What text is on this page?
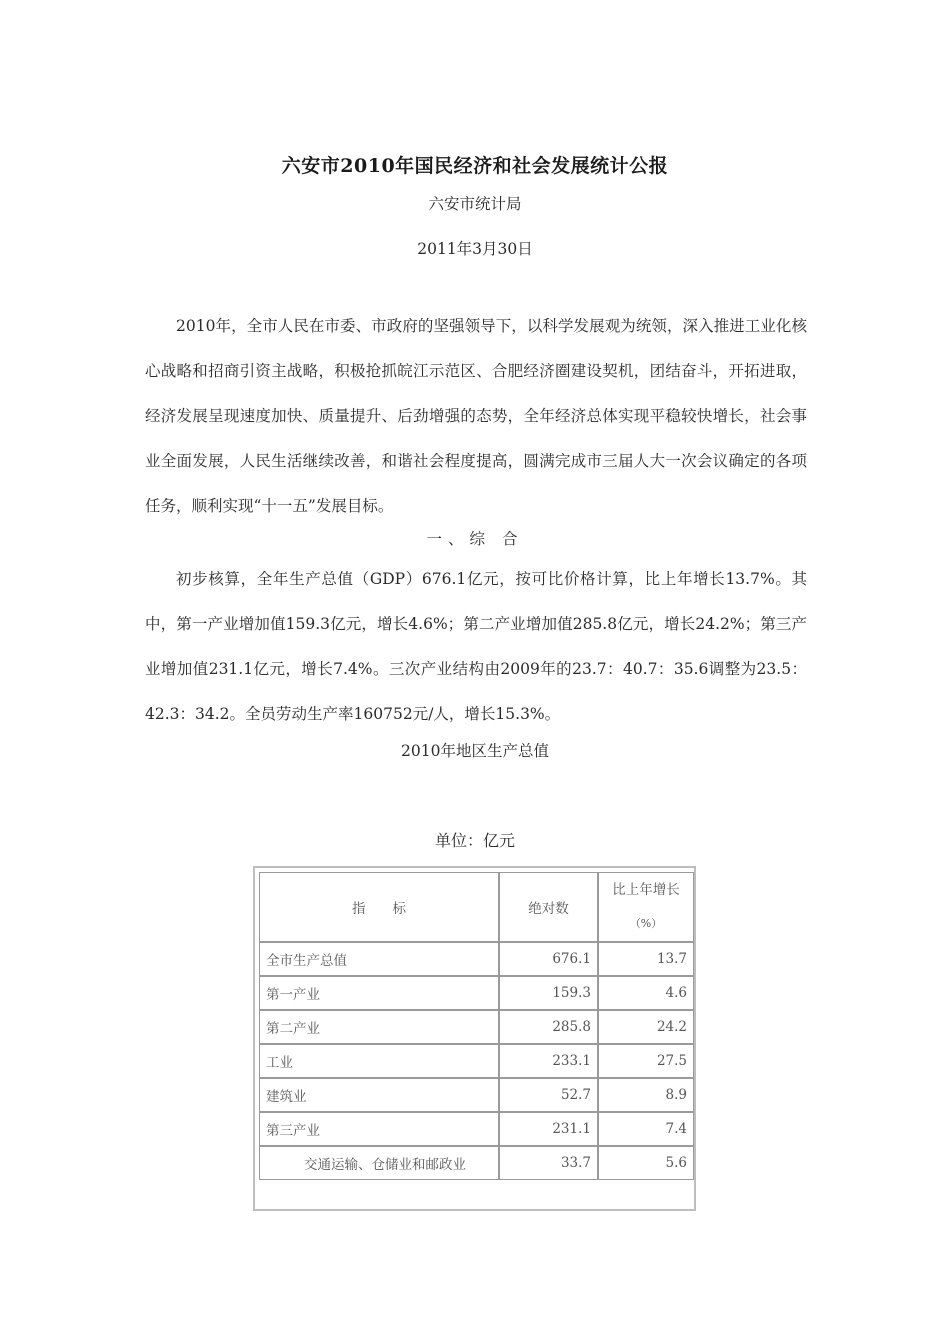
六安市2010年国民经济和社会发展统计公报
六安市统计局
2011年3月30日
2010年，全市人民在市委、市政府的坚强领导下，以科学发展观为统领，深入推进工业化核心战略和招商引资主战略，积极抢抓皖江示范区、合肥经济圈建设契机，团结奋斗，开拓进取，经济发展呈现速度加快、质量提升、后劲增强的态势，全年经济总体实现平稳较快增长，社会事业全面发展，人民生活继续改善，和谐社会程度提高，圆满完成市三届人大一次会议确定的各项任务，顺利实现“十一五”发展目标。
一、综 合
初步核算，全年生产总值（GDP）676.1亿元，按可比价格计算，比上年增长13.7%。其中，第一产业增加值159.3亿元，增长4.6%；第二产业增加值285.8亿元，增长24.2%；第三产业增加值231.1亿元，增长7.4%。三次产业结构由2009年的23.7：40.7：35.6调整为23.5：42.3：34.2。全员劳动生产率160752元/人，增长15.3%。
2010年地区生产总值
单位：亿元
指　　标	绝对数	比上年增长
（%）

全市生产总值	676.1	13.7
第一产业	159.3	4.6
第二产业	285.8	24.2
工业	233.1	27.5
建筑业	52.7	8.9
第三产业	231.1	7.4
交通运输、仓储业和邮政业	33.7	5.6
